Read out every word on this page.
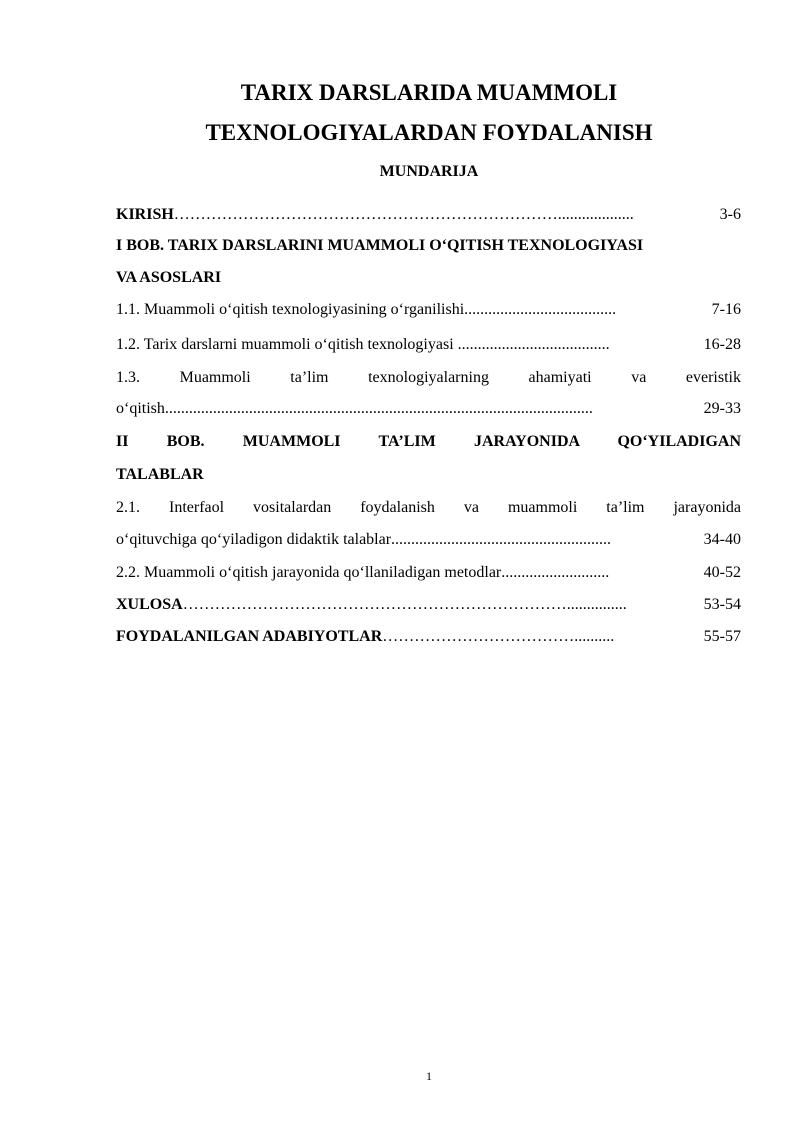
TARIX DARSLARIDA MUAMMOLI
TEXNOLOGIYALARDAN FOYDALANISH
MUNDARIJA
KIRISH ………………………………………………………………...................	3-6
I BOB. TARIX DARSLARINI MUAMMOLI O‘QITISH TEXNOLOGIYASI
VA ASOSLARI
1.1. Muammoli o‘qitish texnologiyasining o‘rganilishi ......................................	7-16
1.2. Tarix darslarni muammoli o‘qitish texnologiyasi ......................................	16-28
1.3. Muammoli ta’lim texnologiyalarning ahamiyati va everistik
o‘qitish ...........................................................................................................	29-33
II BOB. MUAMMOLI TA’LIM JARAYONIDA QO‘YILADIGAN
TALABLAR
2.1. Interfaol vositalardan foydalanish va muammoli ta’lim jarayonida
o‘qituvchiga qo‘yiladigon didaktik talablar .......................................................	34-40
2.2. Muammoli o‘qitish jarayonida qo‘llaniladigan metodlar ...........................	40-52
XULOSA ………………………………………………………………...............	53-54
FOYDALANILGAN ADABIYOTLAR ………………………………..........	55-57
1
